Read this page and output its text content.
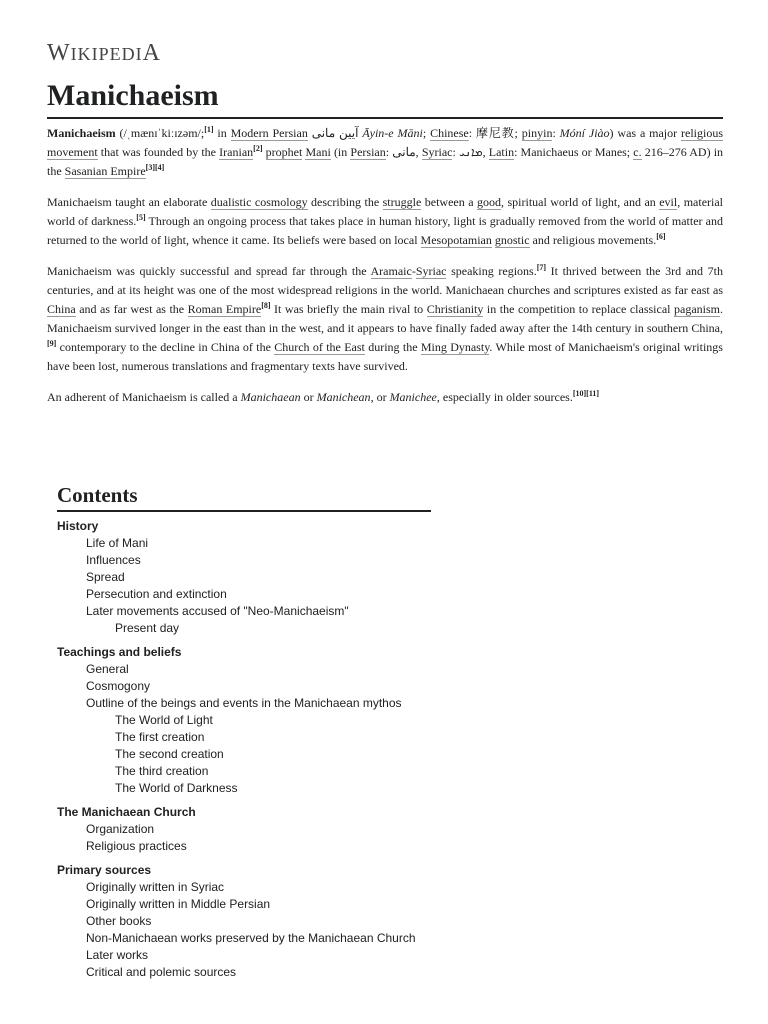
WIKIPEDIA
Manichaeism

Manichaeism (/ˌmænɪˈkiːɪzəm/;[1] in Modern Persian آیین مانی Āyin-e Māni; Chinese: 摩尼教; pinyin: Móní Jiào) was a major religious movement that was founded by the Iranian[2] prophet Mani (in Persian: مانی, Syriac: ܡܐܢܝ, Latin: Manichaeus or Manes; c. 216–276 AD) in the Sasanian Empire[3][4]

Manichaeism taught an elaborate dualistic cosmology describing the struggle between a good, spiritual world of light, and an evil, material world of darkness.[5] Through an ongoing process that takes place in human history, light is gradually removed from the world of matter and returned to the world of light, whence it came. Its beliefs were based on local Mesopotamian gnostic and religious movements.[6]

Manichaeism was quickly successful and spread far through the Aramaic-Syriac speaking regions.[7] It thrived between the 3rd and 7th centuries, and at its height was one of the most widespread religions in the world. Manichaean churches and scriptures existed as far east as China and as far west as the Roman Empire[8] It was briefly the main rival to Christianity in the competition to replace classical paganism. Manichaeism survived longer in the east than in the west, and it appears to have finally faded away after the 14th century in southern China,[9] contemporary to the decline in China of the Church of the East during the Ming Dynasty. While most of Manichaeism's original writings have been lost, numerous translations and fragmentary texts have survived.

An adherent of Manichaeism is called a Manichaean or Manichean, or Manichee, especially in older sources.[10][11]

Contents
History
Life of Mani
Influences
Spread
Persecution and extinction
Later movements accused of "Neo-Manichaeism"
Present day
Teachings and beliefs
General
Cosmogony
Outline of the beings and events in the Manichaean mythos
The World of Light
The first creation
The second creation
The third creation
The World of Darkness
The Manichaean Church
Organization
Religious practices
Primary sources
Originally written in Syriac
Originally written in Middle Persian
Other books
Non-Manichaean works preserved by the Manichaean Church
Later works
Critical and polemic sources
